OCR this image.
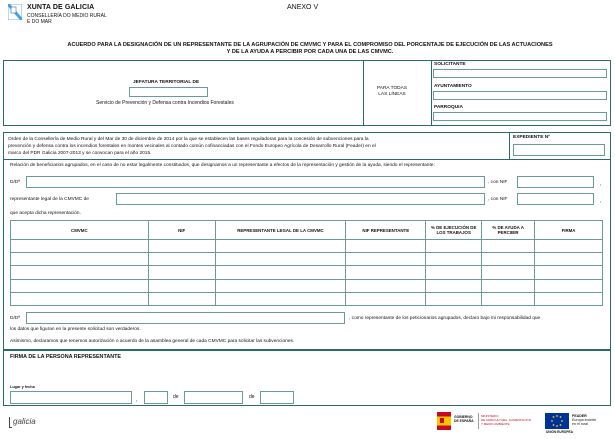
XUNTA DE GALICIA
CONSELLERÍA DO MEDIO RURAL
E DO MAR
ANEXO V
ACUERDO PARA LA DESIGNACIÓN DE UN REPRESENTANTE DE LA AGRUPACIÓN DE CMVMC Y PARA EL COMPROMISO DEL PORCENTAJE DE EJECUCIÓN DE LAS ACTUACIONES
Y DE LA AYUDA A PERCIBIR POR CADA UNA DE LAS CMVMC.
JEFATURA TERRITORIAL DE
Servicio de Prevención y Defensa contra Incendios Forestales
PARA TODAS
LAS LÍNEAS
SOLICITANTE
AYUNTAMIENTO
PARROQUIA
Orden de la Consellería de Medio Rural y del Mar de 30 de diciembre de 2014 por la que se establecen las bases reguladoras para la concesión de subvenciones para la
prevención y defensa contra los incendios forestales en montes vecinales al contado común cofinanciadas con el Fondo Europeo Agrícola de Desarrollo Rural (Feader) en el
marco del PDR Galicia 2007-2013 y se convocan para el año 2015.
EXPEDIENTE Nº
Relación de beneficiarios agrupados, en el caso de no estar legalmente constituidos, que designamos a un representante a efectos de la representación y gestión de la ayuda, siendo el representante:
D/Dª	, con NIF	,
representante legal de la CMVMC de	, con NIF	,
que acepta dicha representación.
CMVMC	NIF	REPRESENTANTE LEGAL DE LA CMVMC	NIF REPRESENTANTE	% DE EJECUCIÓN DE LOS TRABAJOS	% DE AYUDA A PERCIBIR	FIRMA

D/Dª	, como representante de los peticionarios agrupados, declaro bajo mi responsabilidad que
los datos que figuran en la presente solicitud son verdaderos.
Asimismo, declaramos que tenemos autorización o acuerdo de la asamblea general de cada CMVMC para solicitar las subvenciones.
FIRMA DE LA PERSONA REPRESENTANTE
Lugar y fecha
,	de	de
galicia	GOBIERNO
DE ESPAÑA
MINISTERIO
DE AGRICULTURA, ALIMENTACIÓN
Y MEDIO AMBIENTE
FEADER
Europa invierte
en el rural
UNIÓN EUROPEA
